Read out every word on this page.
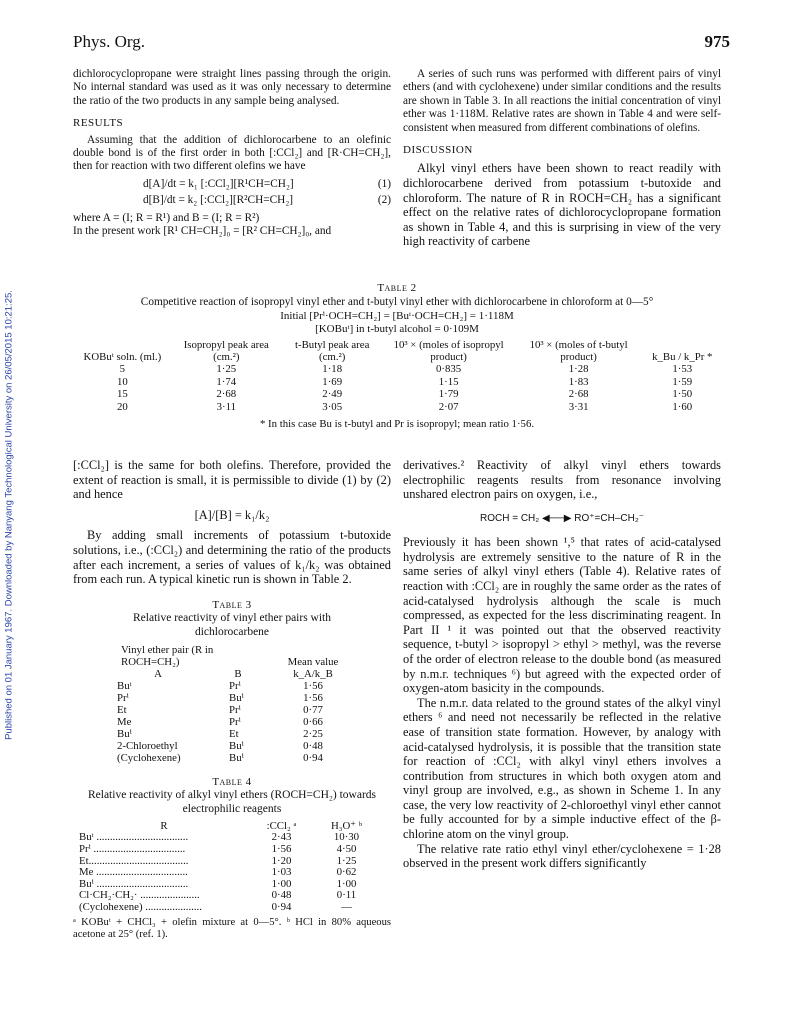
Published on 01 January 1967. Downloaded by Nanyang Technological University on 26/05/2015 10:21:25.
Phys. Org.	975

dichlorocyclopropane were straight lines passing through the origin. No internal standard was used as it was only necessary to determine the ratio of the two products in any sample being analysed.

RESULTS

Assuming that the addition of dichlorocarbene to an olefinic double bond is of the first order in both [:CCl₂] and [R·CH=CH₂], then for reaction with two different olefins we have

d[A]/dt = k₁ [:CCl₂][R¹CH=CH₂]	(1)
d[B]/dt = k₂ [:CCl₂][R²CH=CH₂]	(2)

where A = (I; R = R¹) and B = (I; R = R²)

In the present work [R¹ CH=CH₂]₀ = [R² CH=CH₂]₀, and

A series of such runs was performed with different pairs of vinyl ethers (and with cyclohexene) under similar conditions and the results are shown in Table 3. In all reactions the initial concentration of vinyl ether was 1·118M. Relative rates are shown in Table 4 and were self-consistent when measured from different combinations of olefins.

DISCUSSION

Alkyl vinyl ethers have been shown to react readily with dichlorocarbene derived from potassium t-butoxide and chloroform. The nature of R in ROCH=CH₂ has a significant effect on the relative rates of dichlorocyclopropane formation as shown in Table 4, and this is surprising in view of the very high reactivity of carbene

Table 2
Competitive reaction of isopropyl vinyl ether and t-butyl vinyl ether with dichlorocarbene in chloroform at 0—5°
Initial [Prⁱ·OCH=CH₂] = [Buᵗ·OCH=CH₂] = 1·118M
[KOBuᵗ] in t-butyl alcohol = 0·109M
KOBuᵗ soln. (ml.)	Isopropyl peak area (cm.²)	t-Butyl peak area (cm.²)	10³ × (moles of isopropyl product)	10³ × (moles of t-butyl product)	k_Bu / k_Pr *
5	1·25	1·18	0·835	1·28	1·53
10	1·74	1·69	1·15	1·83	1·59
15	2·68	2·49	1·79	2·68	1·50
20	3·11	3·05	2·07	3·31	1·60
* In this case Bu is t-butyl and Pr is isopropyl; mean ratio 1·56.

[:CCl₂] is the same for both olefins. Therefore, provided the extent of reaction is small, it is permissible to divide (1) by (2) and hence

[A]/[B] = k₁/k₂

By adding small increments of potassium t-butoxide solutions, i.e., (:CCl₂) and determining the ratio of the products after each increment, a series of values of k₁/k₂ was obtained from each run. A typical kinetic run is shown in Table 2.

Table 3
Relative reactivity of vinyl ether pairs with dichlorocarbene
Vinyl ether pair (R in ROCH=CH₂)		Mean value
A	B	k_A/k_B
Buᵗ	Prⁱ	1·56
Prⁱ	Buⁱ	1·56
Et	Prⁱ	0·77
Me	Prⁱ	0·66
Buⁱ	Et	2·25
2-Chloroethyl	Buⁱ	0·48
(Cyclohexene)	Buⁱ	0·94
Table 4
Relative reactivity of alkyl vinyl ethers (ROCH=CH₂) towards electrophilic reagents
R	:CCl₂ ᵃ	H₃O⁺ ᵇ
Buᵗ ..................................	2·43	10·30
Prⁱ ..................................	1·56	4·50
Et.....................................	1·20	1·25
Me ..................................	1·03	0·62
Buⁱ ..................................	1·00	1·00
Cl·CH₂·CH₂· ......................	0·48	0·11
(Cyclohexene) .....................	0·94	—
ᵃ KOBuᵗ + CHCl₃ + olefin mixture at 0—5°. ᵇ HCl in 80% aqueous acetone at 25° (ref. 1).

derivatives.² Reactivity of alkyl vinyl ethers towards electrophilic reagents results from resonance involving unshared electron pairs on oxygen, i.e.,

ROCH = CH₂ ◀──▶ RO⁺=CH–CH₂⁻

Previously it has been shown ¹,⁵ that rates of acid-catalysed hydrolysis are extremely sensitive to the nature of R in the same series of alkyl vinyl ethers (Table 4). Relative rates of reaction with :CCl₂ are in roughly the same order as the rates of acid-catalysed hydrolysis although the scale is much compressed, as expected for the less discriminating reagent. In Part II ¹ it was pointed out that the observed reactivity sequence, t-butyl > isopropyl > ethyl > methyl, was the reverse of the order of electron release to the double bond (as measured by n.m.r. techniques ⁶) but agreed with the expected order of oxygen-atom basicity in the compounds.

The n.m.r. data related to the ground states of the alkyl vinyl ethers ⁶ and need not necessarily be reflected in the relative ease of transition state formation. However, by analogy with acid-catalysed hydrolysis, it is possible that the transition state for reaction of :CCl₂ with alkyl vinyl ethers involves a contribution from structures in which both oxygen atom and vinyl group are involved, e.g., as shown in Scheme 1. In any case, the very low reactivity of 2-chloroethyl vinyl ether cannot be fully accounted for by a simple inductive effect of the β-chlorine atom on the vinyl group.

The relative rate ratio ethyl vinyl ether/cyclohexene = 1·28 observed in the present work differs significantly
